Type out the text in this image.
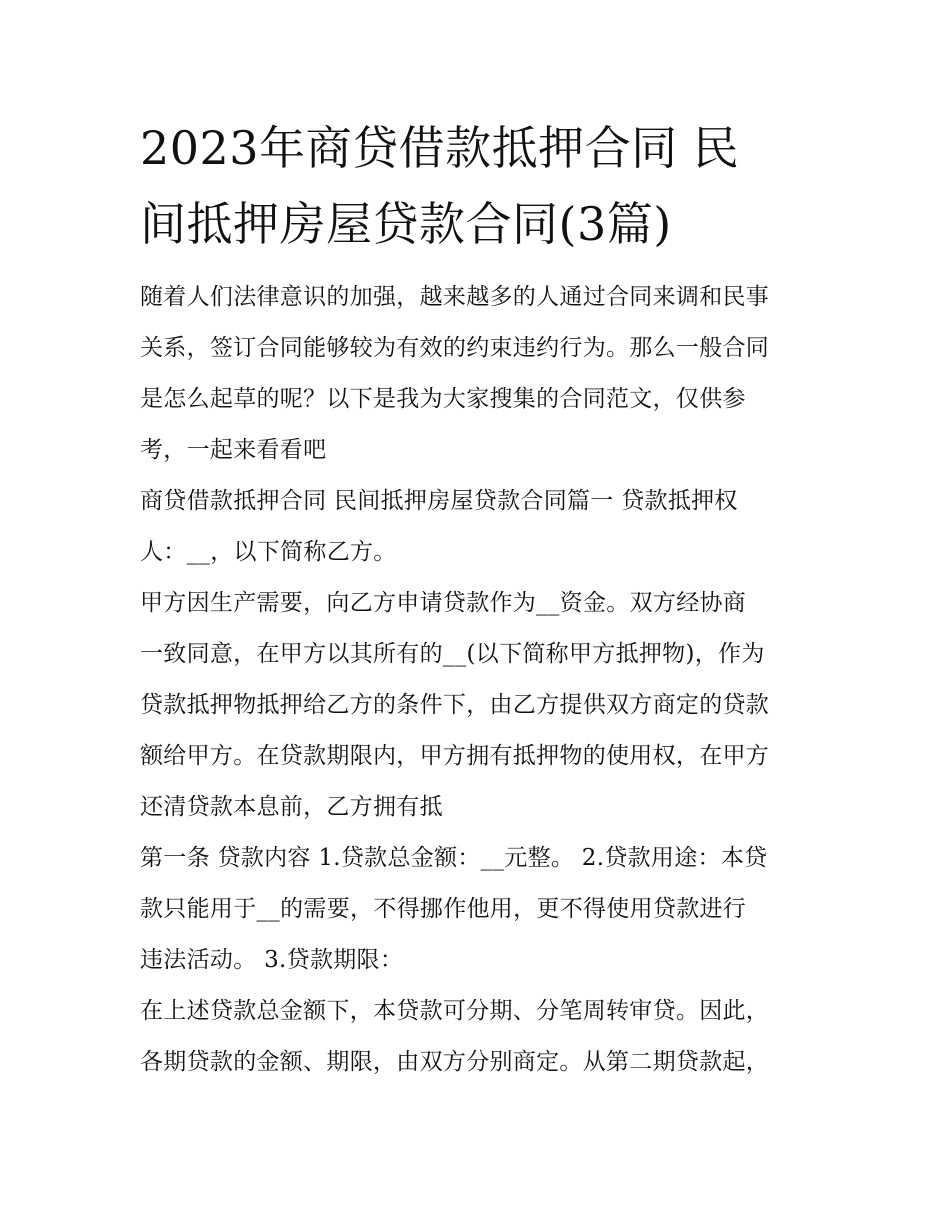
2023年商贷借款抵押合同 民
间抵押房屋贷款合同(3篇)
随着人们法律意识的加强，越来越多的人通过合同来调和民事
关系，签订合同能够较为有效的约束违约行为。那么一般合同
是怎么起草的呢？以下是我为大家搜集的合同范文，仅供参
考，一起来看看吧
商贷借款抵押合同 民间抵押房屋贷款合同篇一 贷款抵押权
人：__，以下简称乙方。
甲方因生产需要，向乙方申请贷款作为__资金。双方经协商
一致同意，在甲方以其所有的__(以下简称甲方抵押物)，作为
贷款抵押物抵押给乙方的条件下，由乙方提供双方商定的贷款
额给甲方。在贷款期限内，甲方拥有抵押物的使用权，在甲方
还清贷款本息前，乙方拥有抵
第一条 贷款内容 1.贷款总金额：__元整。 2.贷款用途：本贷
款只能用于__的需要，不得挪作他用，更不得使用贷款进行
违法活动。 3.贷款期限：
在上述贷款总金额下，本贷款可分期、分笔周转审贷。因此，
各期贷款的金额、期限，由双方分别商定。从第二期贷款起，
